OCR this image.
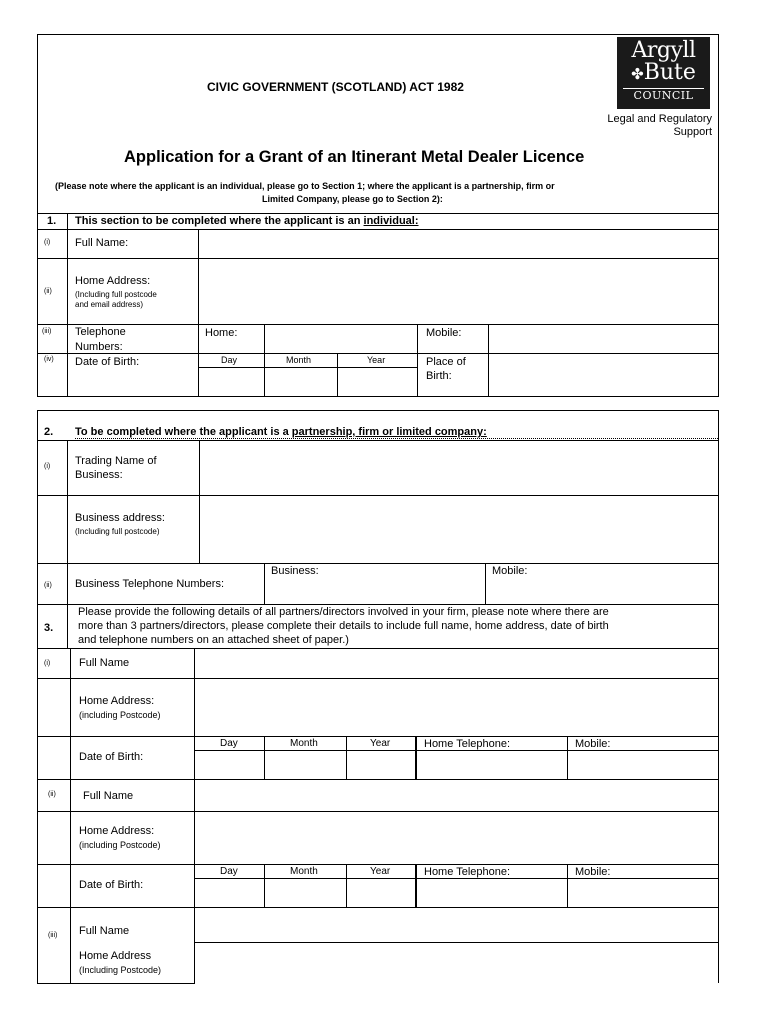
CIVIC GOVERNMENT (SCOTLAND) ACT 1982
Argyll
✤Bute
COUNCIL
Legal and Regulatory
Support
Application for a Grant of an Itinerant Metal Dealer Licence
(Please note where the applicant is an individual, please go to Section 1; where the applicant is a partnership, firm or
Limited Company, please go to Section 2):
1. This section to be completed where the applicant is an individual:
(i) Full Name:
(ii)
Home Address:
(Including full postcode
and email address)
(iii) Telephone
Numbers:
Home:	Mobile:
(iv) Date of Birth:	Day	Month	Year	Place of
Birth:
2. To be completed where the applicant is a partnership, firm or limited company:
(i) Trading Name of
Business:
Business address:
(Including full postcode)
(ii) Business Telephone Numbers:
Business:	Mobile:
3.
Please provide the following details of all partners/directors involved in your firm, please note where there are
more than 3 partners/directors, please complete their details to include full name, home address, date of birth
and telephone numbers on an attached sheet of paper.)
(i)	Full Name
Home Address:
(including Postcode)
Date of Birth:
Day	Month	Year	Home Telephone:	Mobile:
(ii) Full Name
Home Address:
(including Postcode)
Date of Birth:
Day	Month	Year	Home Telephone:	Mobile:
(iii) Full Name
Home Address
(Including Postcode)
